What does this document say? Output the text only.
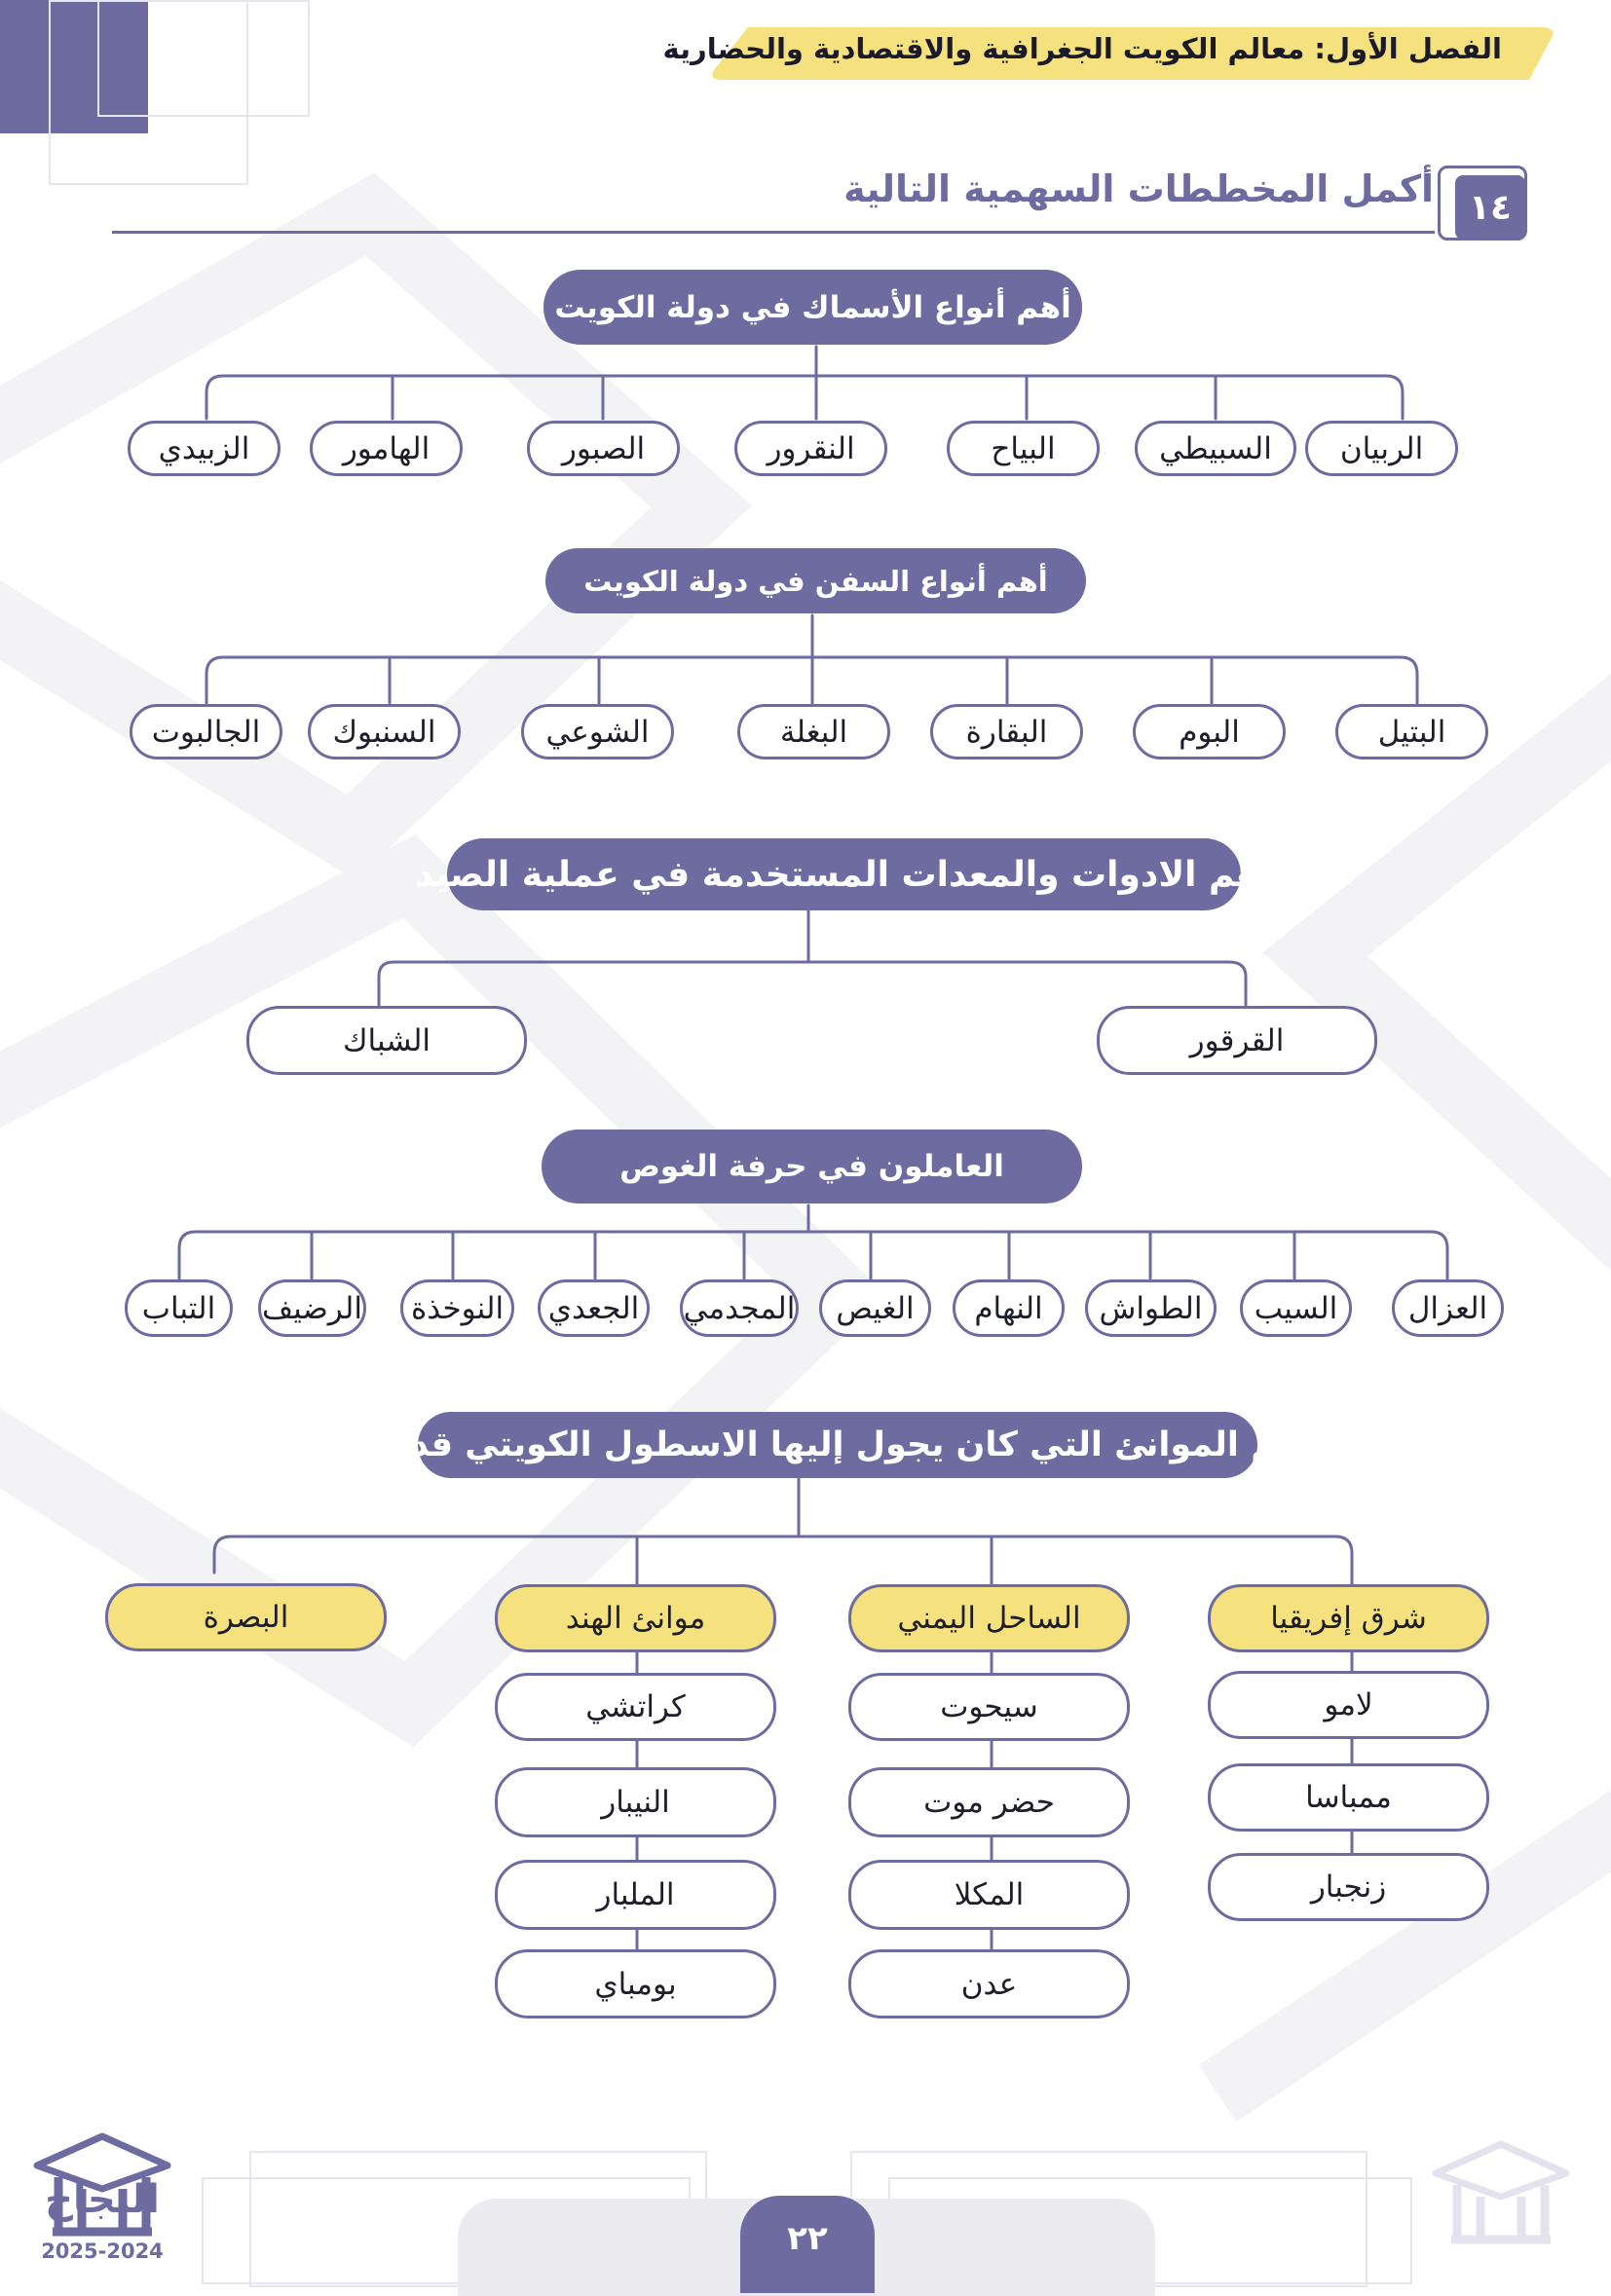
الفصل الأول: معالم الكويت الجغرافية والاقتصادية والحضارية
١٤
أكمل المخططات السهمية التالية
أهم أنواع الأسماك في دولة الكويت
الربيان
السبيطي
البياح
النقرور
الصبور
الهامور
الزبيدي
أهم أنواع السفن في دولة الكويت
البتيل
البوم
البقارة
البغلة
الشوعي
السنبوك
الجالبوت
أهم الادوات والمعدات المستخدمة في عملية الصيد
القرقور
الشباك
العاملون في حرفة الغوص
العزال
السيب
الطواش
النهام
الغيص
المجدمي
الجعدي
النوخذة
الرضيف
التباب
أهم الموانئ التي كان يجول إليها الاسطول الكويتي قديماً
شرق إفريقيا
لامو
ممباسا
زنجبار
الساحل اليمني
سيحوت
حضر موت
المكلا
عدن
موانئ الهند
كراتشي
النيبار
الملبار
بومباي
البصرة
٢٢
النجاح
2025-2024
